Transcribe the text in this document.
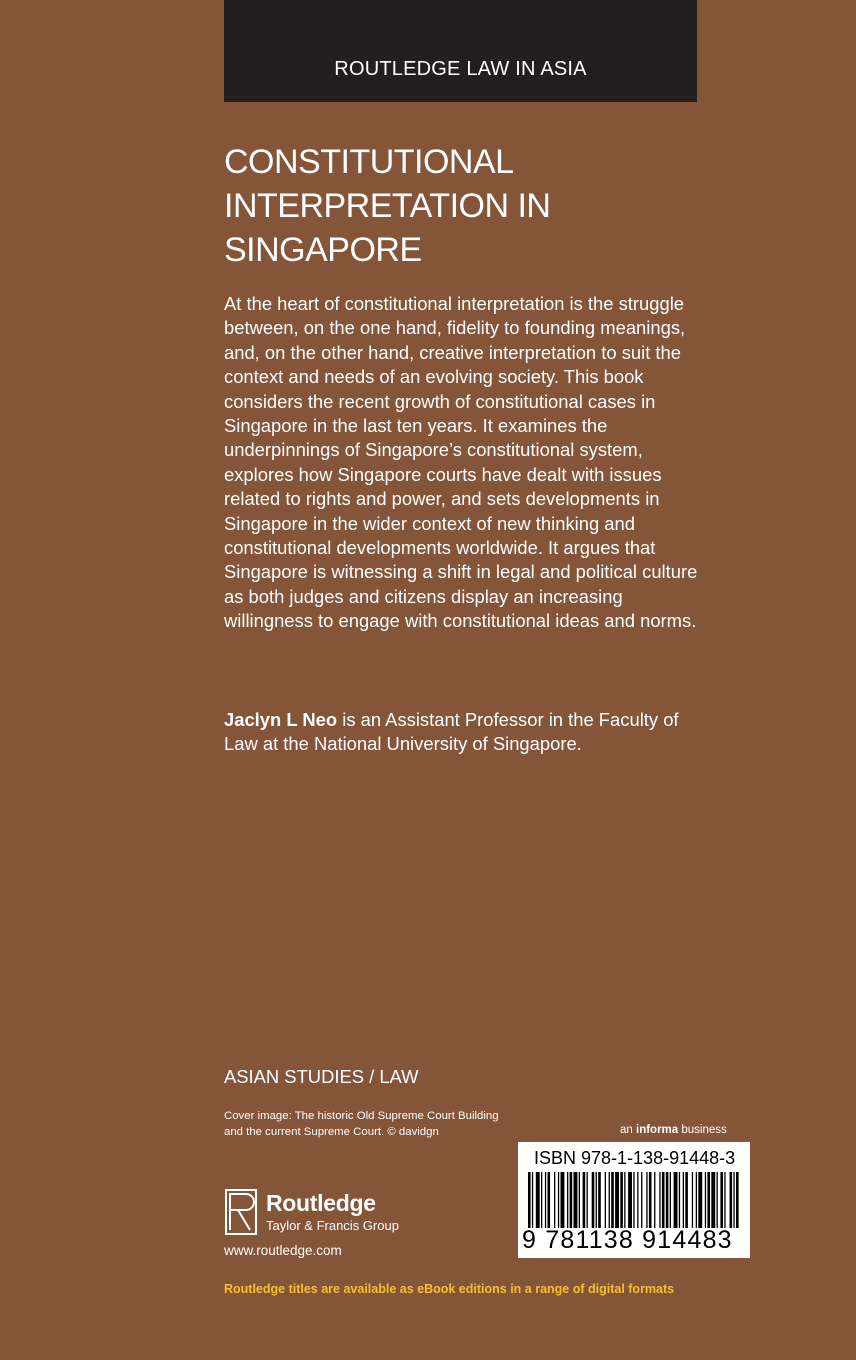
ROUTLEDGE LAW IN ASIA
CONSTITUTIONAL
INTERPRETATION IN
SINGAPORE

At the heart of constitutional interpretation is the struggle between, on the one hand, fidelity to founding meanings, and, on the other hand, creative interpretation to suit the context and needs of an evolving society. This book considers the recent growth of constitutional cases in Singapore in the last ten years. It examines the underpinnings of Singapore’s constitutional system, explores how Singapore courts have dealt with issues related to rights and power, and sets developments in Singapore in the wider context of new thinking and constitutional developments worldwide. It argues that Singapore is witnessing a shift in legal and political culture as both judges and citizens display an increasing willingness to engage with constitutional ideas and norms.

Jaclyn L Neo is an Assistant Professor in the Faculty of Law at the National University of Singapore.

ASIAN STUDIES / LAW
Cover image: The historic Old Supreme Court Building
and the current Supreme Court. © davidgn	an informa business
ISBN 978-1-138-91448-3
9 781138 914483
Routledge
Taylor & Francis Group
www.routledge.com
Routledge titles are available as eBook editions in a range of digital formats
